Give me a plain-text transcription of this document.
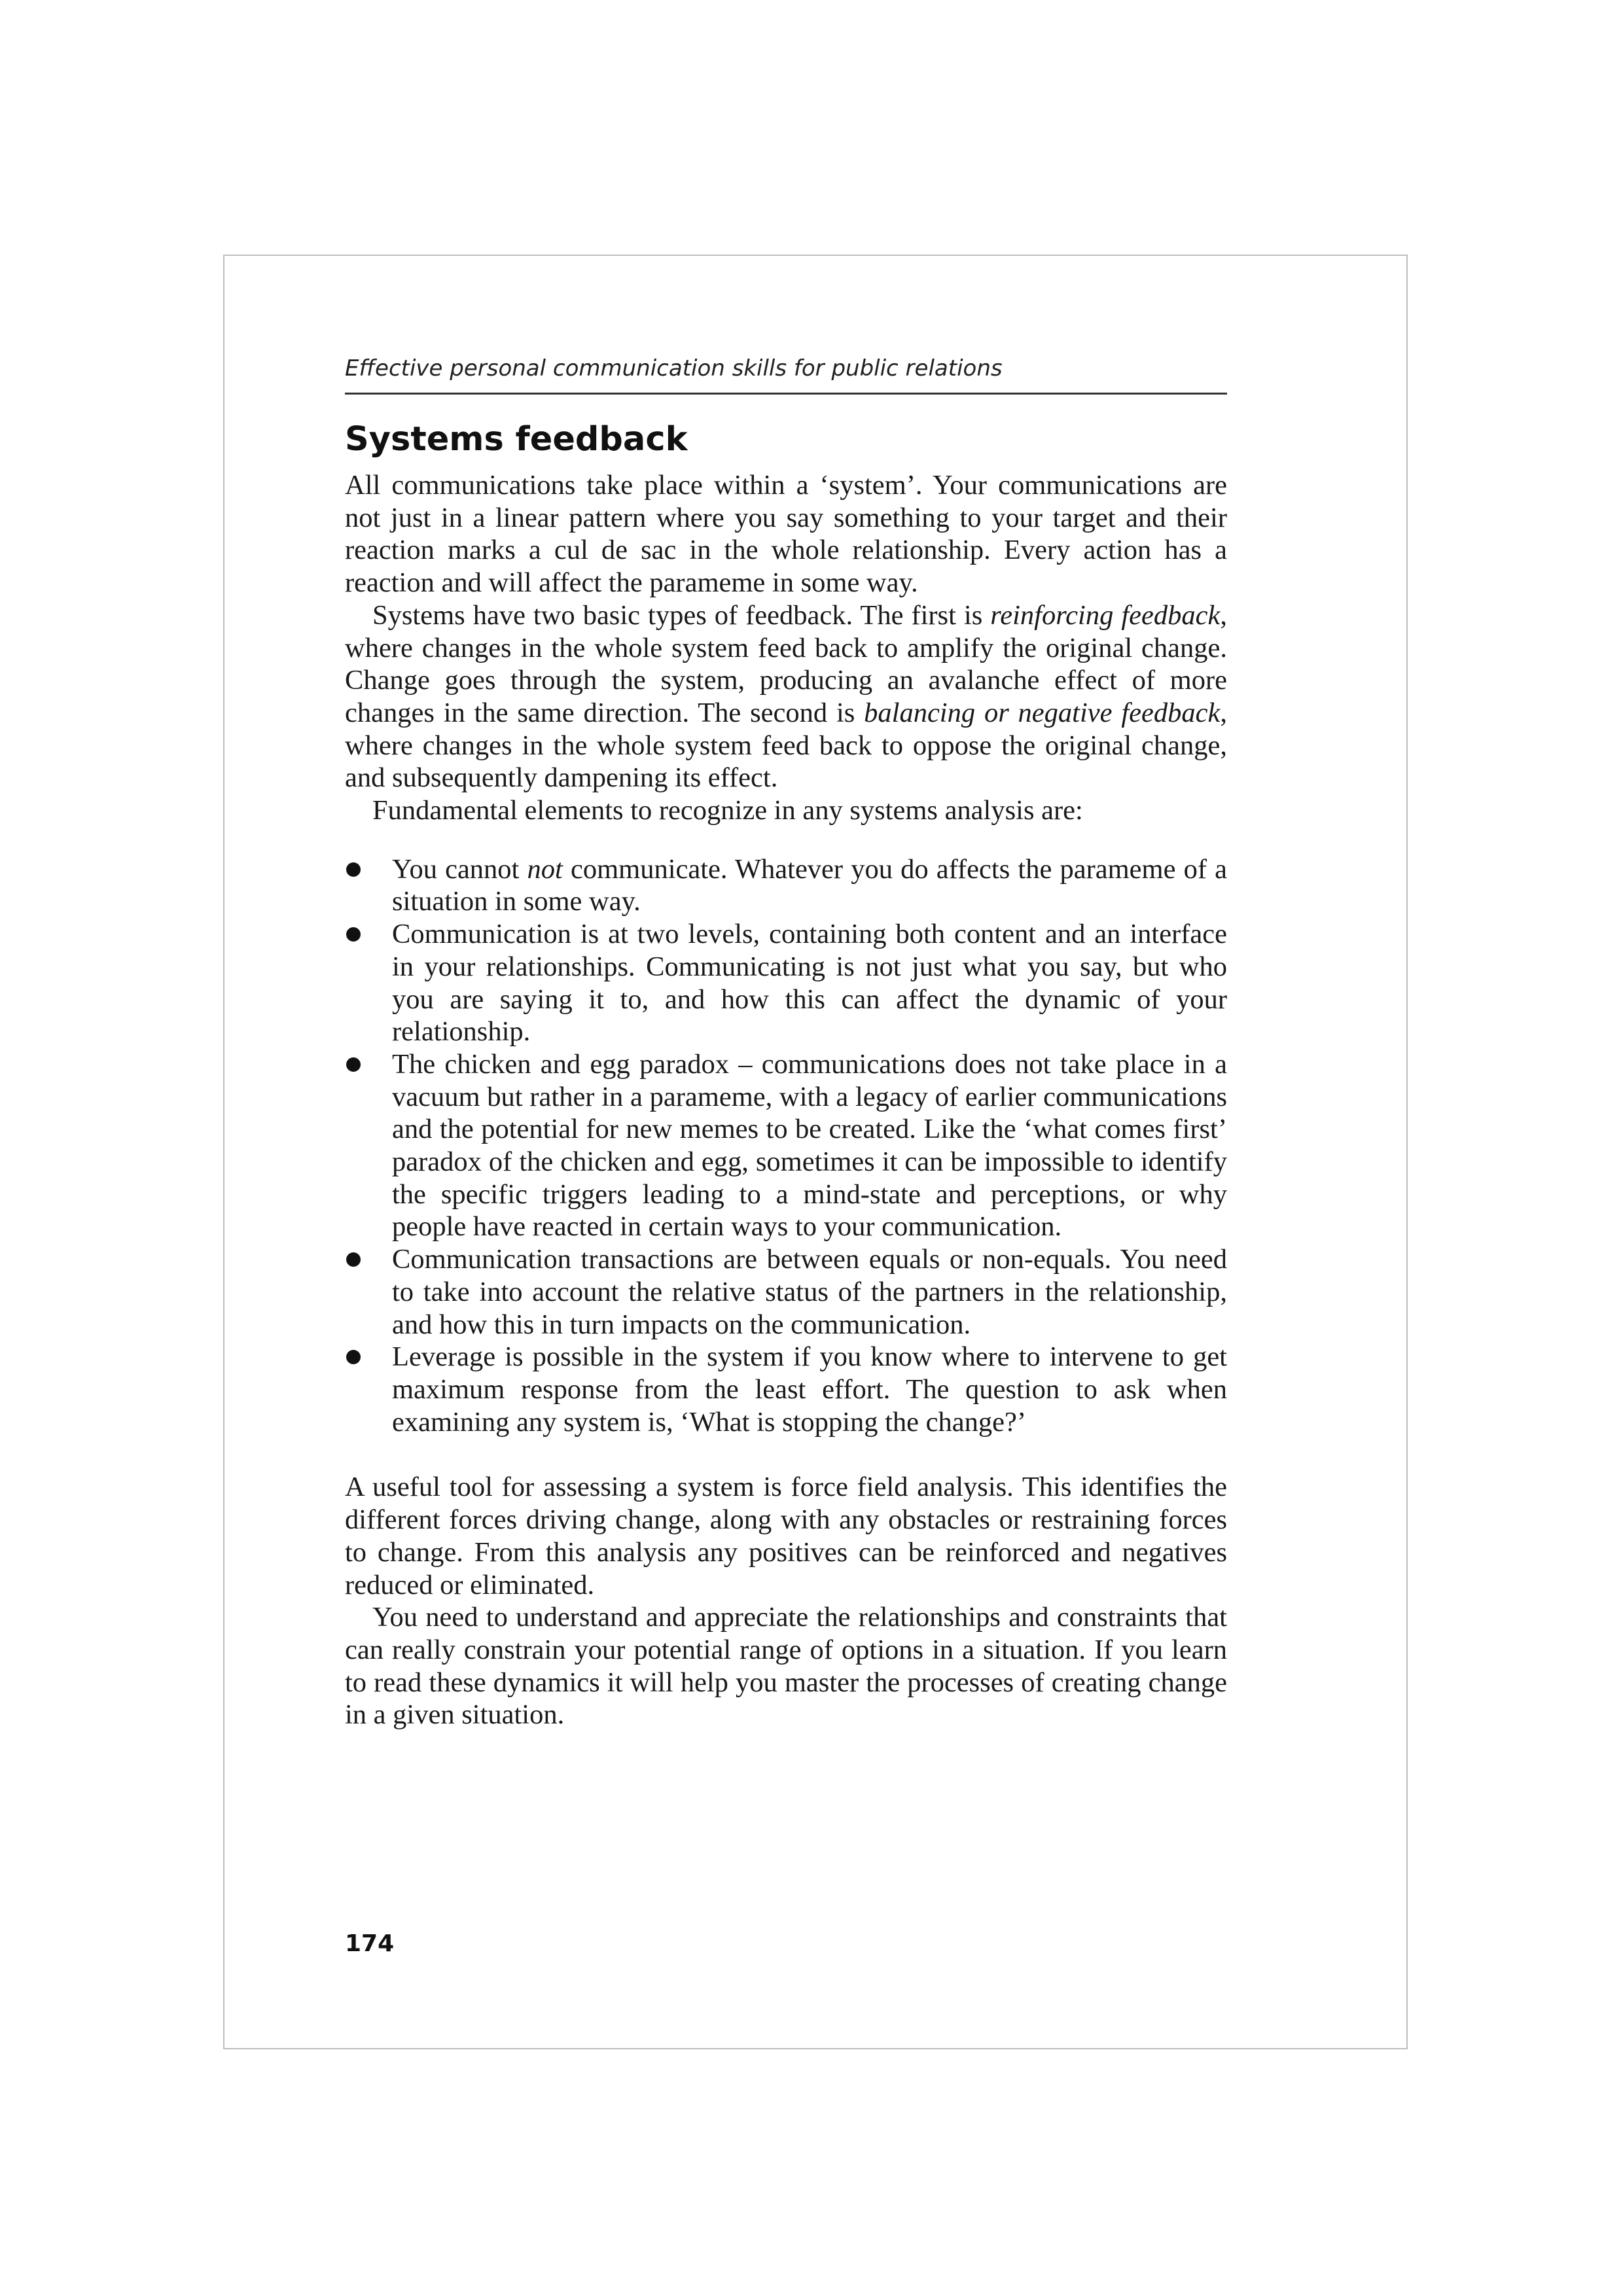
Effective personal communication skills for public relations
Systems feedback

All communications take place within a ‘system’. Your communications are not just in a linear pattern where you say something to your target and their reaction marks a cul de sac in the whole relationship. Every action has a reaction and will affect the parameme in some way.

Systems have two basic types of feedback. The first is reinforcing feedback, where changes in the whole system feed back to amplify the original change. Change goes through the system, producing an avalanche effect of more changes in the same direction. The second is balancing or negative feedback, where changes in the whole system feed back to oppose the original change, and subsequently dampening its effect.

Fundamental elements to recognize in any systems analysis are:

You cannot not communicate. Whatever you do affects the parameme of a situation in some way.
Communication is at two levels, containing both content and an interface in your relationships. Communicating is not just what you say, but who you are saying it to, and how this can affect the dynamic of your relationship.
The chicken and egg paradox – communications does not take place in a vacuum but rather in a parameme, with a legacy of earlier communications and the potential for new memes to be created. Like the ‘what comes first’ paradox of the chicken and egg, sometimes it can be impossible to identify the specific triggers leading to a mind-state and perceptions, or why people have reacted in certain ways to your communication.
Communication transactions are between equals or non-equals. You need to take into account the relative status of the partners in the relationship, and how this in turn impacts on the communication.
Leverage is possible in the system if you know where to intervene to get maximum response from the least effort. The question to ask when examining any system is, ‘What is stopping the change?’

A useful tool for assessing a system is force field analysis. This identifies the different forces driving change, along with any obstacles or restraining forces to change. From this analysis any positives can be reinforced and negatives reduced or eliminated.

You need to understand and appreciate the relationships and constraints that can really constrain your potential range of options in a situation. If you learn to read these dynamics it will help you master the processes of creating change in a given situation.

174
